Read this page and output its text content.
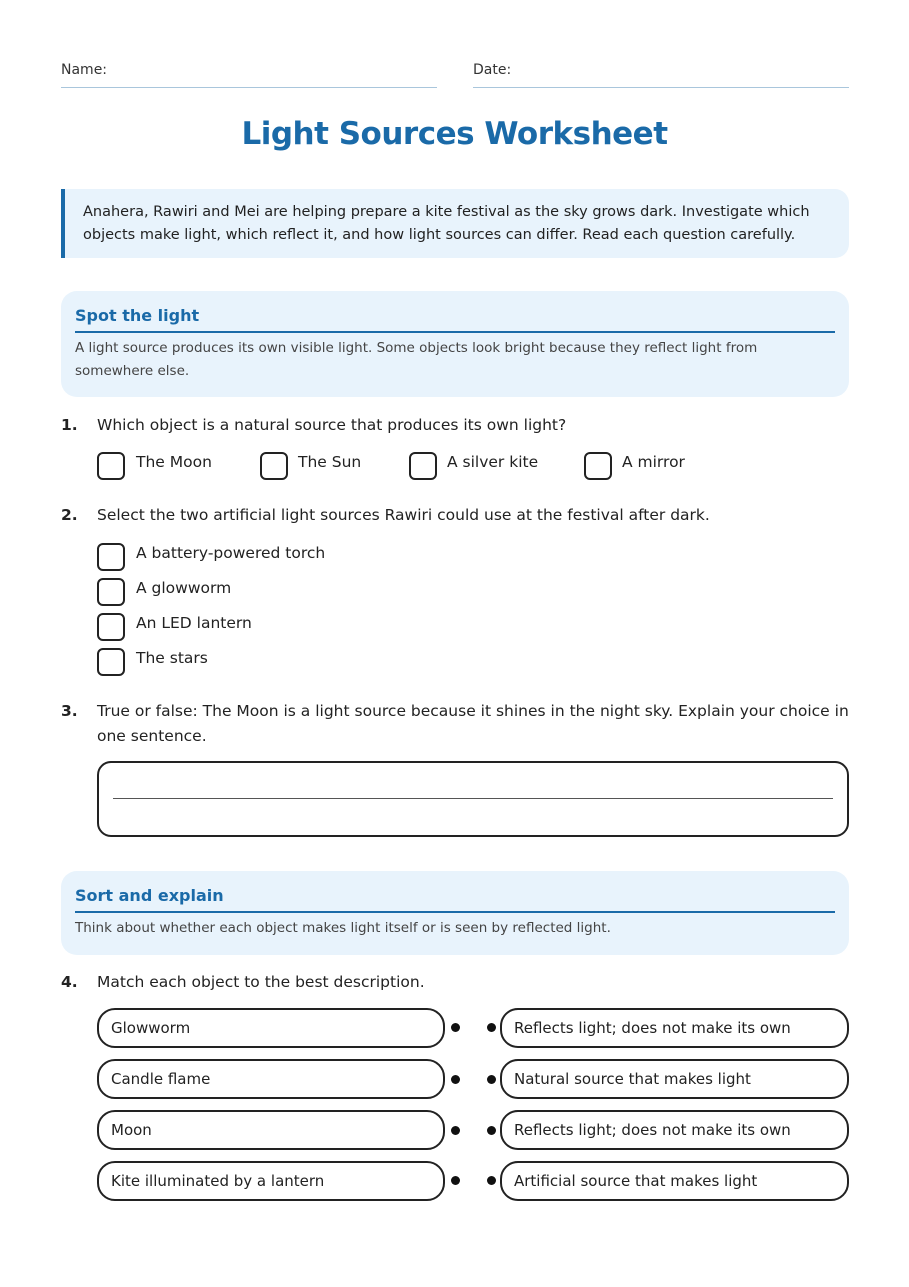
Name:	Date:
Light Sources Worksheet
Anahera, Rawiri and Mei are helping prepare a kite festival as the sky grows dark. Investigate which objects make light, which reflect it, and how light sources can differ. Read each question carefully.
Spot the light
A light source produces its own visible light. Some objects look bright because they reflect light from somewhere else.
1. Which object is a natural source that produces its own light?
The Moon	The Sun	A silver kite	A mirror
2. Select the two artificial light sources Rawiri could use at the festival after dark.
A battery-powered torch
A glowworm
An LED lantern
The stars
3. True or false: The Moon is a light source because it shines in the night sky. Explain your choice in one sentence.
Sort and explain
Think about whether each object makes light itself or is seen by reflected light.
4. Match each object to the best description.
Glowworm	Reflects light; does not make its own
Candle flame	Natural source that makes light
Moon	Reflects light; does not make its own
Kite illuminated by a lantern	Artificial source that makes light
